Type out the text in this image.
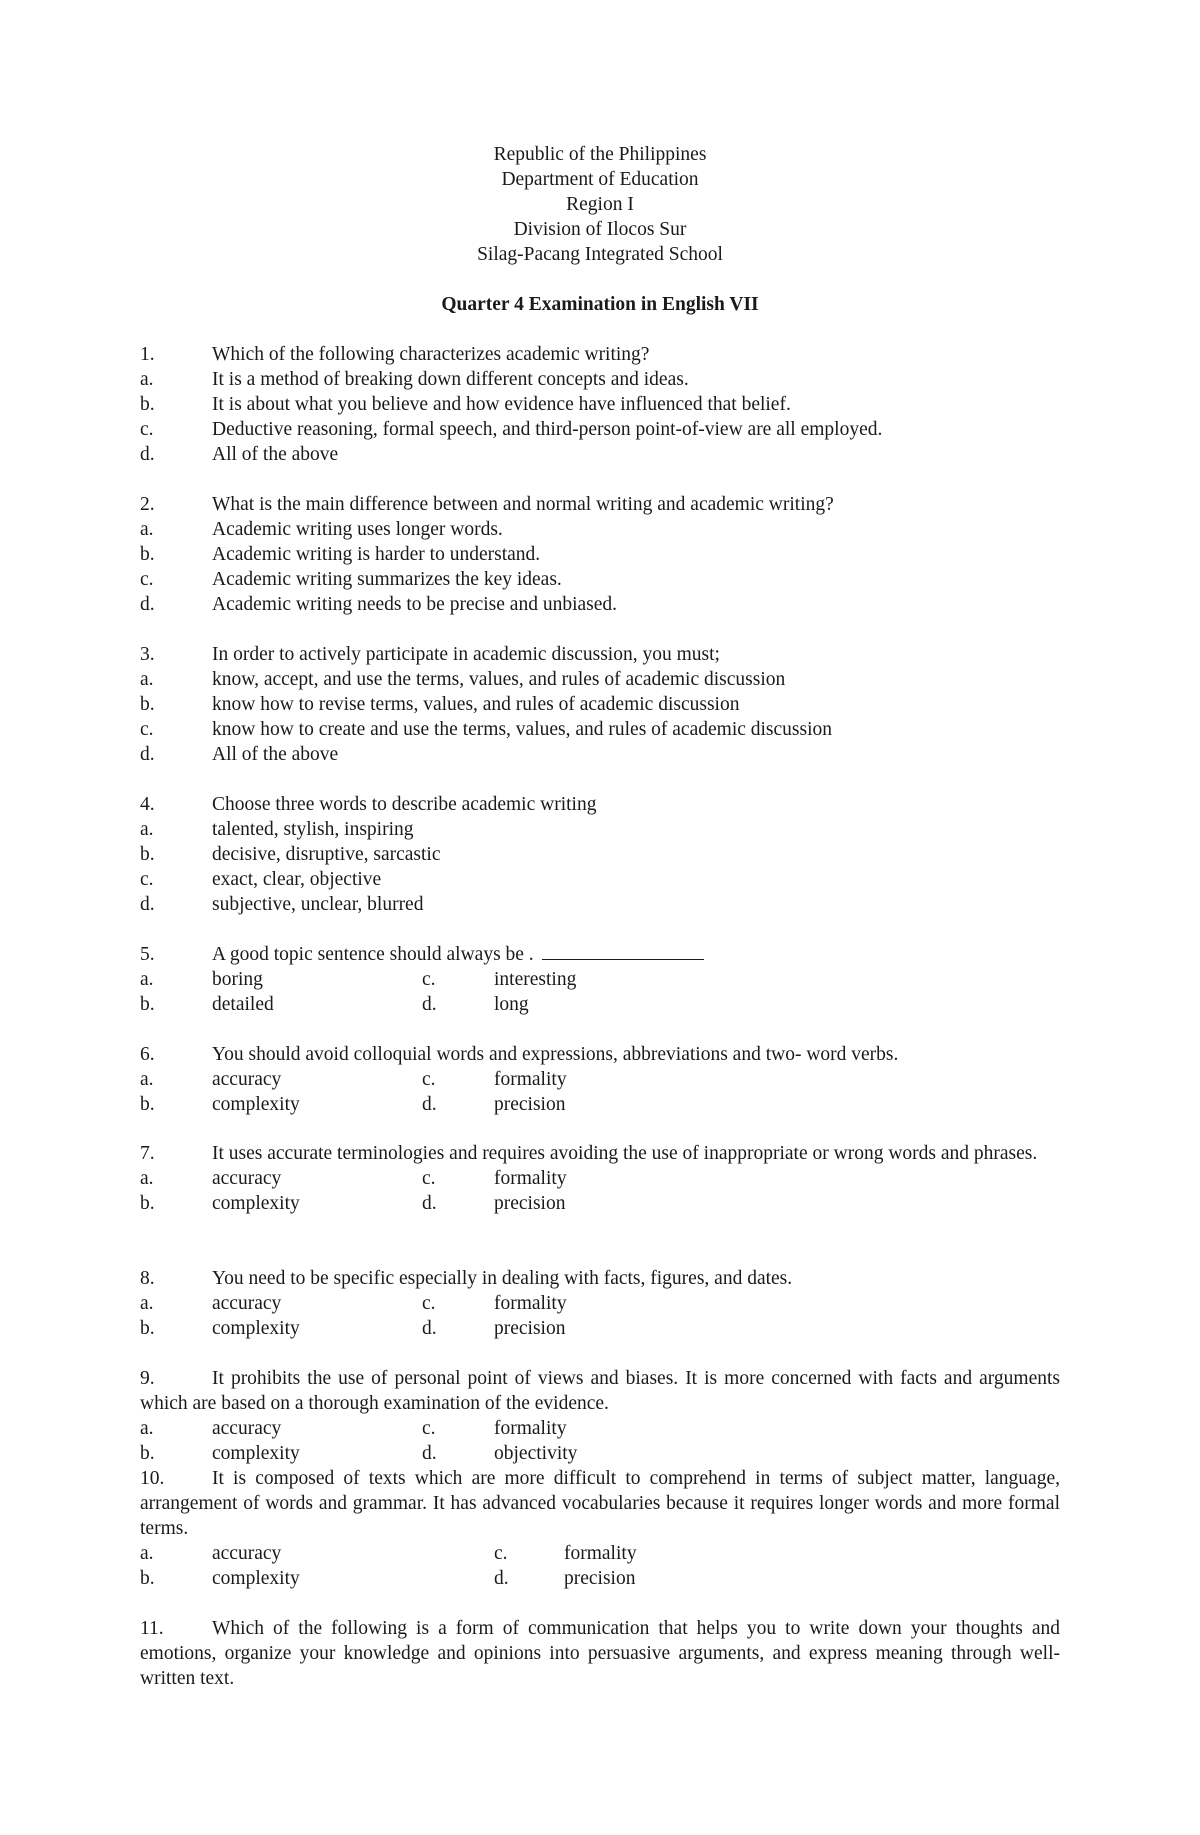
Republic of the Philippines
Department of Education
Region I
Division of Ilocos Sur
Silag-Pacang Integrated School
Quarter 4 Examination in English VII
1.	Which of the following characterizes academic writing?
a.	It is a method of breaking down different concepts and ideas.
b.	It is about what you believe and how evidence have influenced that belief.
c.	Deductive reasoning, formal speech, and third-person point-of-view are all employed.
d.	All of the above
2.	What is the main difference between and normal writing and academic writing?
a.	Academic writing uses longer words.
b.	Academic writing is harder to understand.
c.	Academic writing summarizes the key ideas.
d.	Academic writing needs to be precise and unbiased.
3.	In order to actively participate in academic discussion, you must;
a.	know, accept, and use the terms, values, and rules of academic discussion
b.	know how to revise terms, values, and rules of academic discussion
c.	know how to create and use the terms, values, and rules of academic discussion
d.	All of the above
4.	Choose three words to describe academic writing
a.	talented, stylish, inspiring
b.	decisive, disruptive, sarcastic
c.	exact, clear, objective
d.	subjective, unclear, blurred
5.	A good topic sentence should always be .
a.	boring	c.	interesting
b.	detailed	d.	long
6.	You should avoid colloquial words and expressions, abbreviations and two- word verbs.
a.	accuracy	c.	formality
b.	complexity	d.	precision
7.	It uses accurate terminologies and requires avoiding the use of inappropriate or wrong words and phrases.
a.	accuracy	c.	formality
b.	complexity	d.	precision
8.	You need to be specific especially in dealing with facts, figures, and dates.
a.	accuracy	c.	formality
b.	complexity	d.	precision
9.	It prohibits the use of personal point of views and biases. It is more concerned with facts and arguments which are based on a thorough examination of the evidence.
a.	accuracy	c.	formality
b.	complexity	d.	objectivity
10. It is composed of texts which are more difficult to comprehend in terms of subject matter, language, arrangement of words and grammar. It has advanced vocabularies because it requires longer words and more formal terms.
a.	accuracy	c.	formality
b.	complexity	d.	precision
11. Which of the following is a form of communication that helps you to write down your thoughts and emotions, organize your knowledge and opinions into persuasive arguments, and express meaning through well-written text.
